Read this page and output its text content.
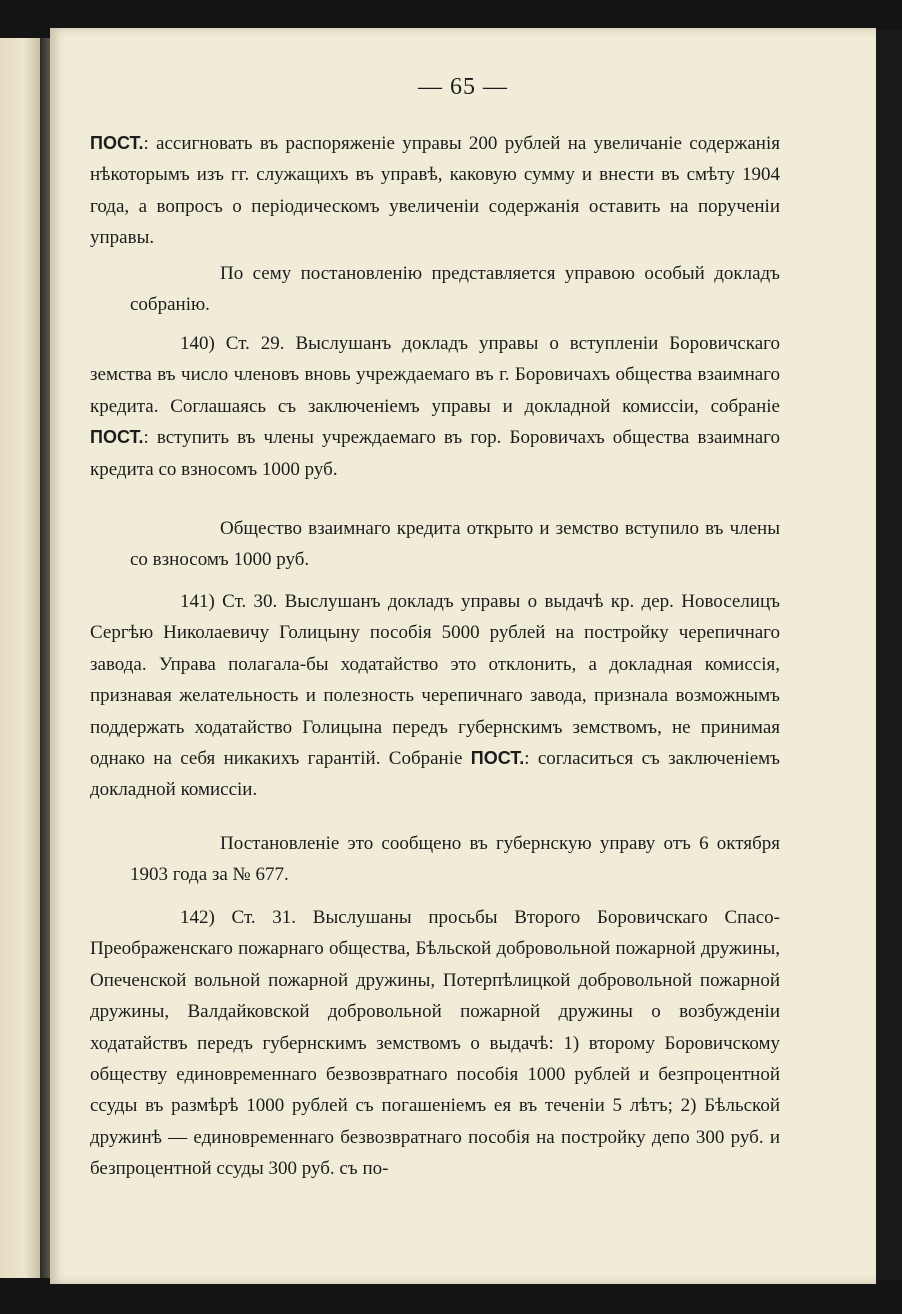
— 65 —

ПОСТ.: ассигновать въ распоряженіе управы 200 рублей на увеличаніе содержанія нѣкоторымъ изъ гг. служащихъ въ управѣ, каковую сумму и внести въ смѣту 1904 года, а вопросъ о періодическомъ увеличеніи содержанія оставить на порученіи управы.

По сему постановленію представляется управою особый докладъ собранію.

140) Ст. 29. Выслушанъ докладъ управы о вступленіи Боровичскаго земства въ число членовъ вновь учреждаемаго въ г. Боровичахъ общества взаимнаго кредита. Соглашаясь съ заключеніемъ управы и докладной комиссіи, собраніе ПОСТ.: вступить въ члены учреждаемаго въ гор. Боровичахъ общества взаимнаго кредита со взносомъ 1000 руб.

Общество взаимнаго кредита открыто и земство вступило въ члены со взносомъ 1000 руб.

141) Ст. 30. Выслушанъ докладъ управы о выдачѣ кр. дер. Новоселицъ Сергѣю Николаевичу Голицыну пособія 5000 рублей на постройку черепичнаго завода. Управа полагала-бы ходатайство это отклонить, а докладная комиссія, признавая желательность и полезность черепичнаго завода, признала возможнымъ поддержать ходатайство Голицына передъ губернскимъ земствомъ, не принимая однако на себя никакихъ гарантій. Собраніе ПОСТ.: согласиться съ заключеніемъ докладной комиссіи.

Постановленіе это сообщено въ губернскую управу отъ 6 октября 1903 года за № 677.

142) Ст. 31. Выслушаны просьбы Второго Боровичскаго Спасо-Преображенскаго пожарнаго общества, Бѣльской добровольной пожарной дружины, Опеченской вольной пожарной дружины, Потерпѣлицкой добровольной пожарной дружины, Валдайковской добровольной пожарной дружины о возбужденіи ходатайствъ передъ губернскимъ земствомъ о выдачѣ: 1) второму Боровичскому обществу единовременнаго безвозвратнаго пособія 1000 рублей и безпроцентной ссуды въ размѣрѣ 1000 рублей съ погашеніемъ ея въ теченіи 5 лѣтъ; 2) Бѣльской дружинѣ — единовременнаго безвозвратнаго пособія на постройку депо 300 руб. и безпроцентной ссуды 300 руб. съ по-
